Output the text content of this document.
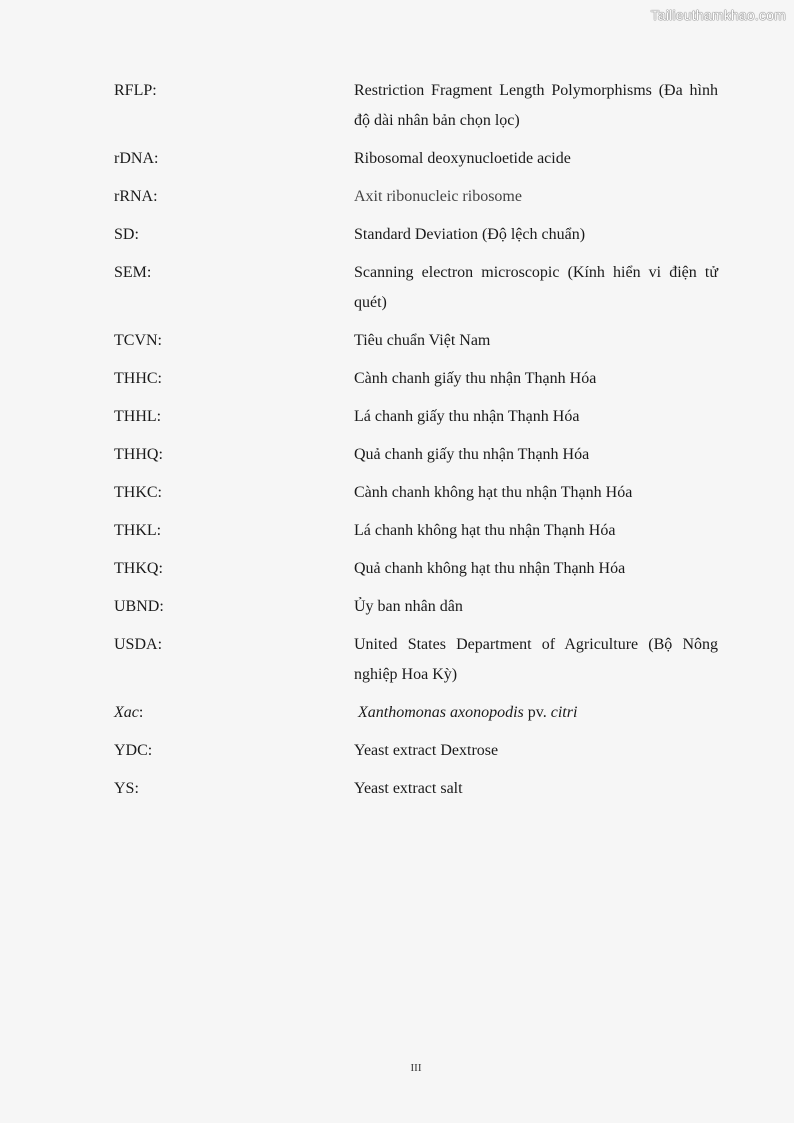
Tailieuthamkhao.com
RFLP:	Restriction Fragment Length Polymorphisms (Đa hình độ dài nhân bản chọn lọc)
rDNA:	Ribosomal deoxynucloetide acide
rRNA:	Axit ribonucleic ribosome
SD:	Standard Deviation (Độ lệch chuẩn)
SEM:	Scanning electron microscopic (Kính hiển vi điện tử quét)
TCVN:	Tiêu chuẩn Việt Nam
THHC:	Cành chanh giấy thu nhận Thạnh Hóa
THHL:	Lá chanh giấy thu nhận Thạnh Hóa
THHQ:	Quả chanh giấy thu nhận Thạnh Hóa
THKC:	Cành chanh không hạt thu nhận Thạnh Hóa
THKL:	Lá chanh không hạt thu nhận Thạnh Hóa
THKQ:	Quả chanh không hạt thu nhận Thạnh Hóa
UBND:	Ủy ban nhân dân
USDA:	United States Department of Agriculture (Bộ Nông nghiệp Hoa Kỳ)
Xac:	Xanthomonas axonopodis pv. citri
YDC:	Yeast extract Dextrose
YS:	Yeast extract salt
III
